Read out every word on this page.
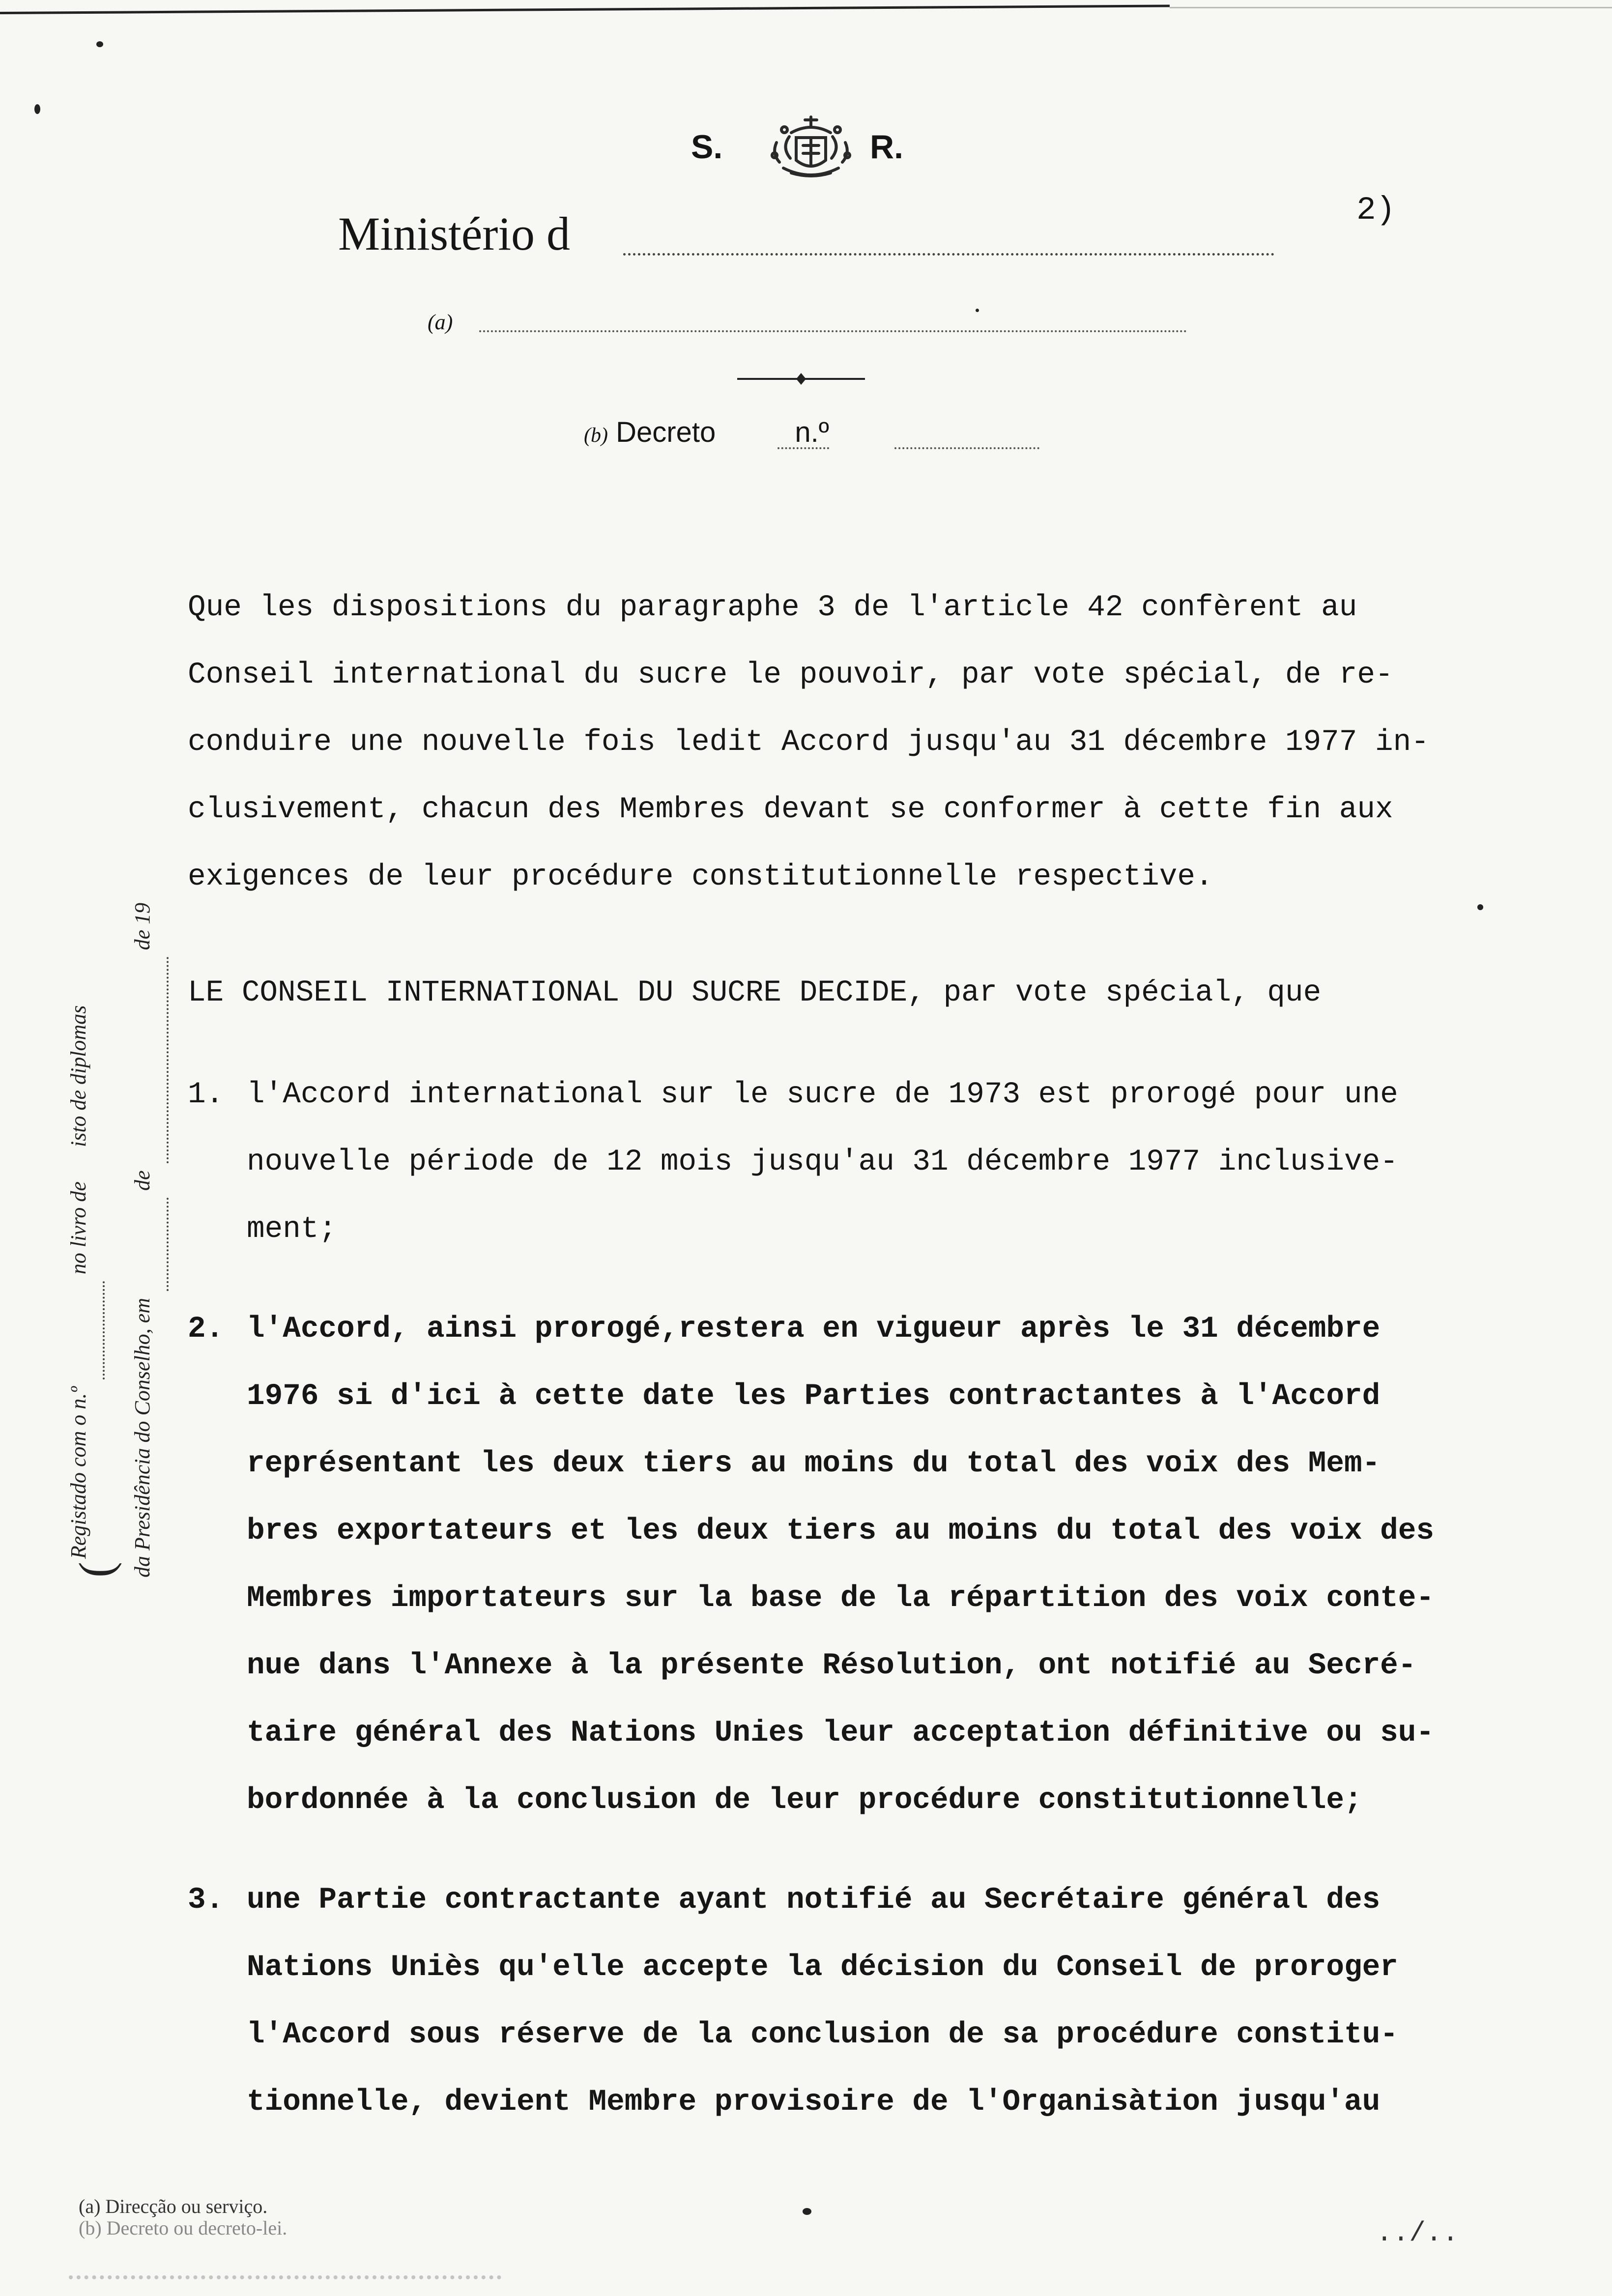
S.	R.
Ministério d	2)
(a)
(b) Decreto	n.º
(
Registado com o n.º
no livro de
isto de diplomas
da Presidência do Conselho, em
de
de 19
Que les dispositions du paragraphe 3 de l'article 42 confèrent au
Conseil international du sucre le pouvoir, par vote spécial, de re-
conduire une nouvelle fois ledit Accord jusqu'au 31 décembre 1977 in-
clusivement, chacun des Membres devant se conformer à cette fin aux
exigences de leur procédure constitutionnelle respective.
LE CONSEIL INTERNATIONAL DU SUCRE DECIDE, par vote spécial, que
1. l'Accord international sur le sucre de 1973 est prorogé pour une
nouvelle période de 12 mois jusqu'au 31 décembre 1977 inclusive-
ment;
2. l'Accord, ainsi prorogé,restera en vigueur après le 31 décembre
1976 si d'ici à cette date les Parties contractantes à l'Accord
représentant les deux tiers au moins du total des voix des Mem-
bres exportateurs et les deux tiers au moins du total des voix des
Membres importateurs sur la base de la répartition des voix conte-
nue dans l'Annexe à la présente Résolution, ont notifié au Secré-
taire général des Nations Unies leur acceptation définitive ou su-
bordonnée à la conclusion de leur procédure constitutionnelle;
3. une Partie contractante ayant notifié au Secrétaire général des
Nations Uniès qu'elle accepte la décision du Conseil de proroger
l'Accord sous réserve de la conclusion de sa procédure constitu-
tionnelle, devient Membre provisoire de l'Organisàtion jusqu'au
(a) Direcção ou serviço.
(b) Decreto ou decreto-lei.	../..
